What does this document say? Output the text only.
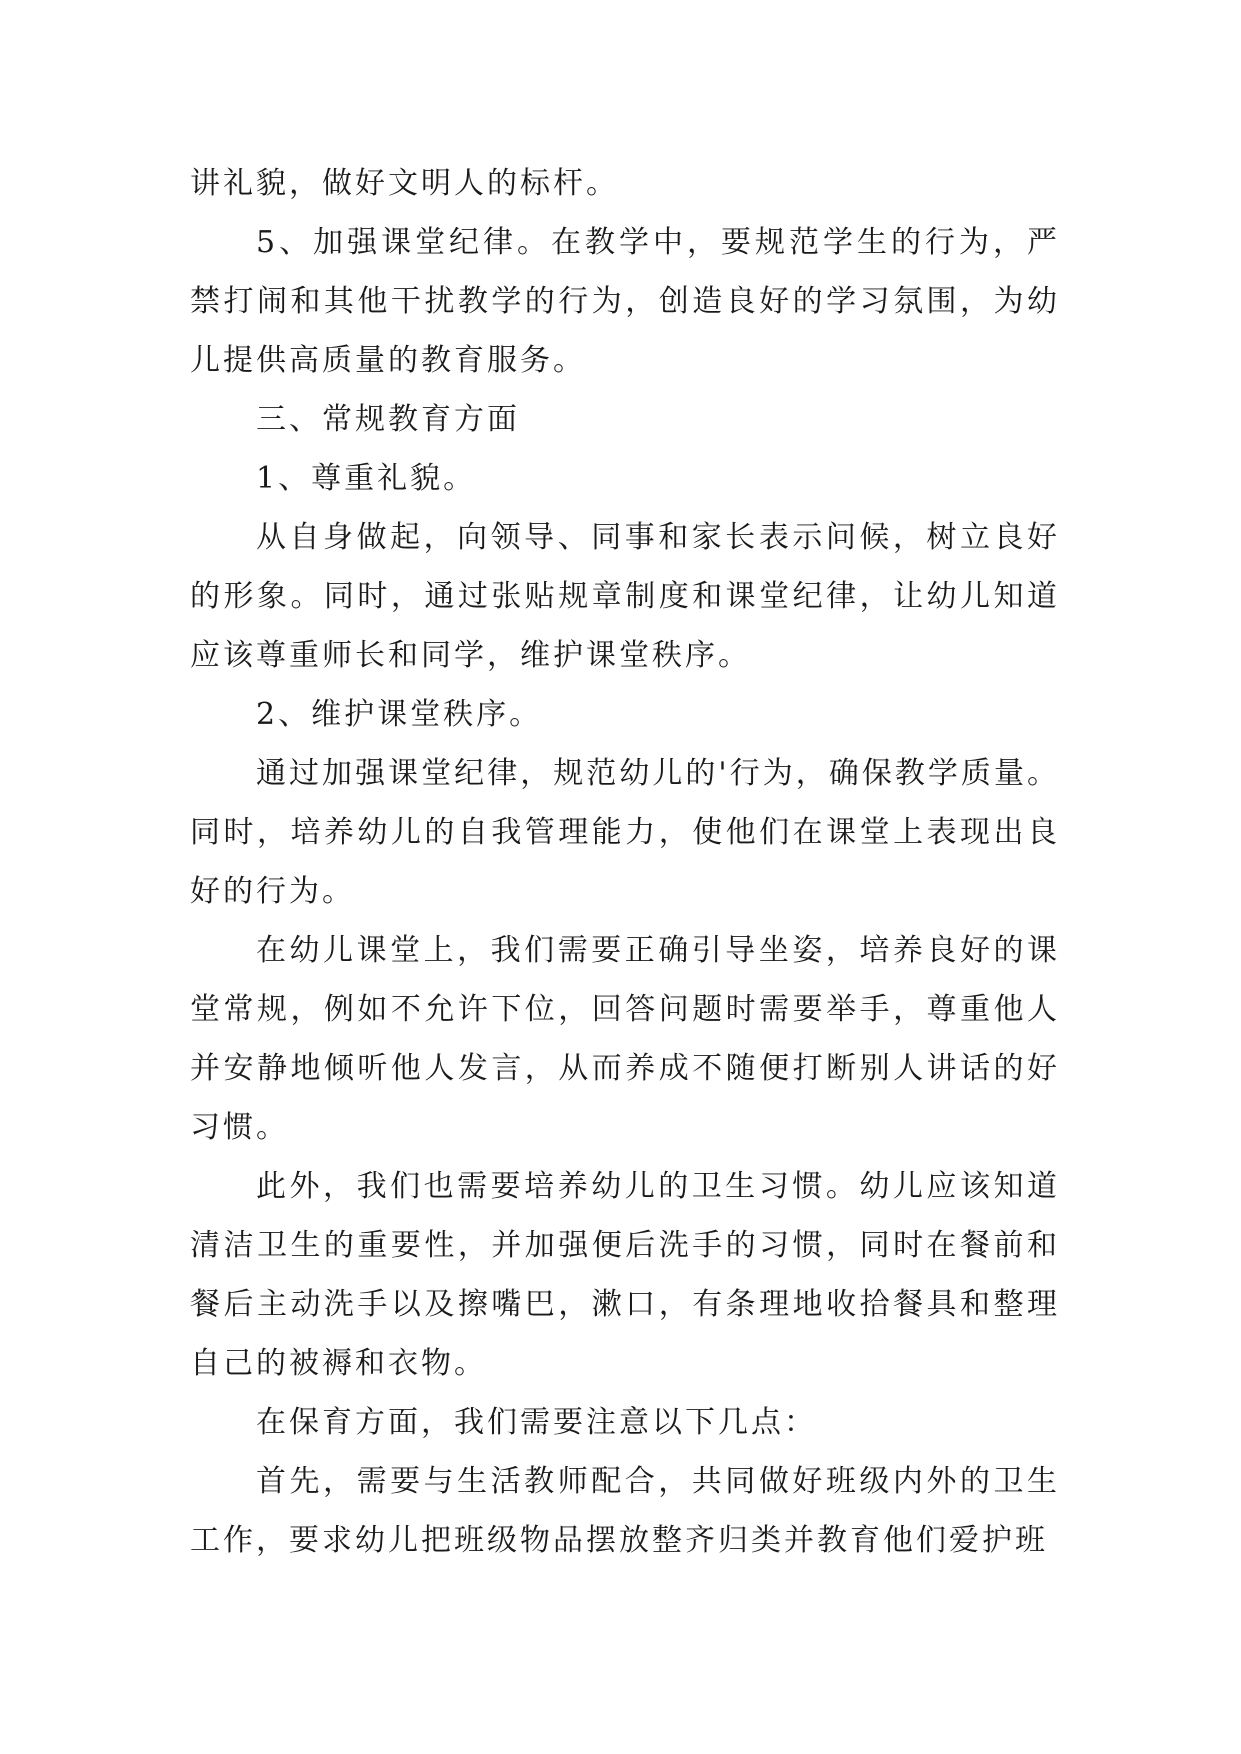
讲礼貌，做好文明人的标杆。

5、加强课堂纪律。在教学中，要规范学生的行为，严禁打闹和其他干扰教学的行为，创造良好的学习氛围，为幼儿提供高质量的教育服务。

三、常规教育方面

1、尊重礼貌。

从自身做起，向领导、同事和家长表示问候，树立良好的形象。同时，通过张贴规章制度和课堂纪律，让幼儿知道应该尊重师长和同学，维护课堂秩序。

2、维护课堂秩序。

通过加强课堂纪律，规范幼儿的'行为，确保教学质量。同时，培养幼儿的自我管理能力，使他们在课堂上表现出良好的行为。

在幼儿课堂上，我们需要正确引导坐姿，培养良好的课堂常规，例如不允许下位，回答问题时需要举手，尊重他人并安静地倾听他人发言，从而养成不随便打断别人讲话的好习惯。

此外，我们也需要培养幼儿的卫生习惯。幼儿应该知道清洁卫生的重要性，并加强便后洗手的习惯，同时在餐前和餐后主动洗手以及擦嘴巴，漱口，有条理地收拾餐具和整理自己的被褥和衣物。

在保育方面，我们需要注意以下几点：

首先，需要与生活教师配合，共同做好班级内外的卫生工作，要求幼儿把班级物品摆放整齐归类并教育他们爱护班
